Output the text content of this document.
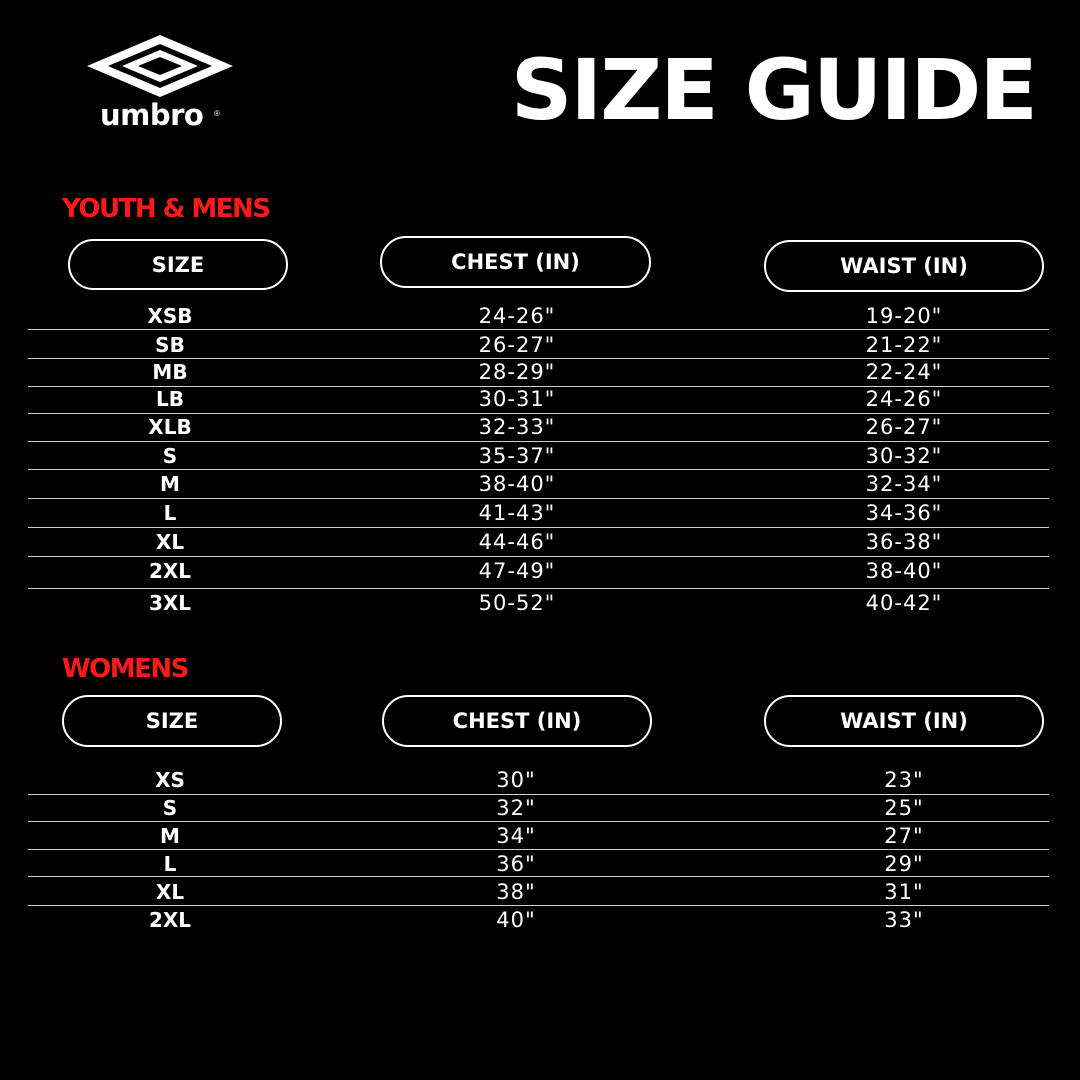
umbro ®	SIZE GUIDE
YOUTH & MENS
SIZE	CHEST (IN)	WAIST (IN)
XSB	24-26"	19-20"
SB	26-27"	21-22"
MB	28-29"	22-24"
LB	30-31"	24-26"
XLB	32-33"	26-27"
S	35-37"	30-32"
M	38-40"	32-34"
L	41-43"	34-36"
XL	44-46"	36-38"
2XL	47-49"	38-40"
3XL	50-52"	40-42"
WOMENS
SIZE	CHEST (IN)	WAIST (IN)
XS	30"	23"
S	32"	25"
M	34"	27"
L	36"	29"
XL	38"	31"
2XL	40"	33"
